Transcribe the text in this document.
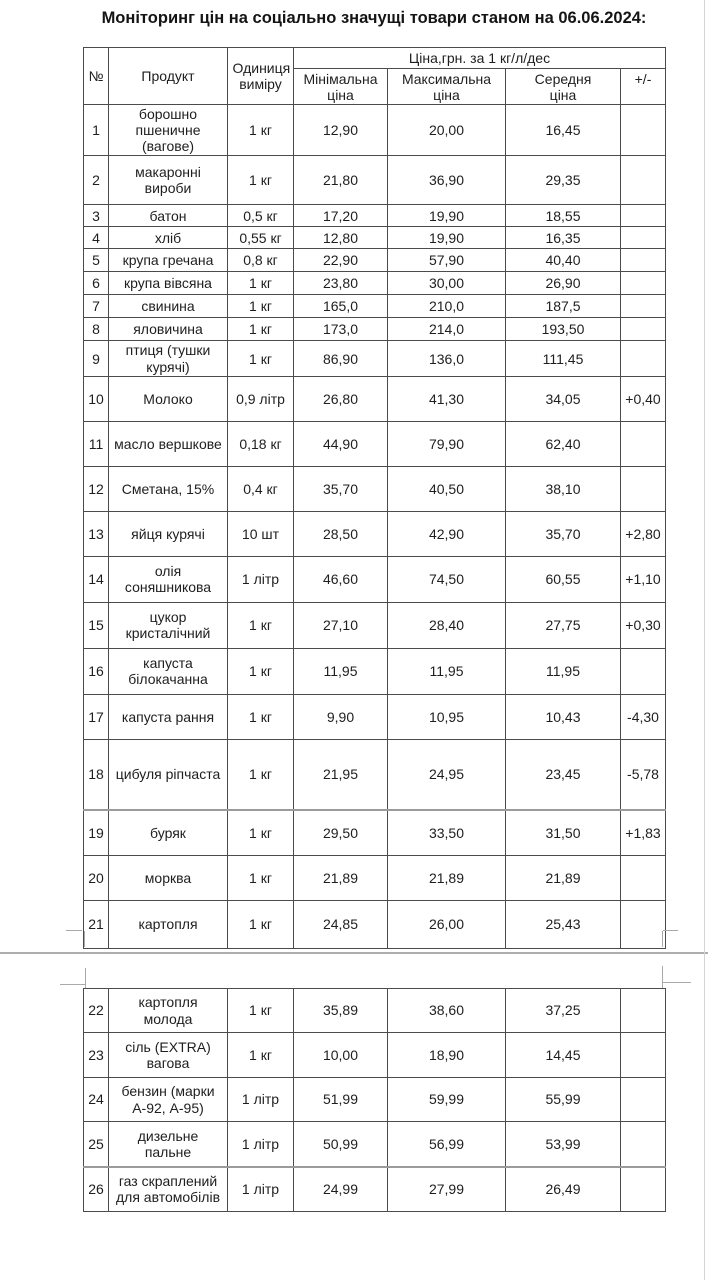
Моніторинг цін на соціально значущі товари станом на 06.06.2024:
№	Продукт	Одиниця виміру	Ціна,грн. за 1 кг/л/дес			
			Мінімальна ціна	Максимальна ціна	Середня ціна	+/-
1	борошно пшеничне (вагове)	1 кг	12,90	20,00	16,45	
2	макаронні вироби	1 кг	21,80	36,90	29,35	
3	батон	0,5 кг	17,20	19,90	18,55	
4	хліб	0,55 кг	12,80	19,90	16,35	
5	крупа гречана	0,8 кг	22,90	57,90	40,40	
6	крупа вівсяна	1 кг	23,80	30,00	26,90	
7	свинина	1 кг	165,0	210,0	187,5	
8	яловичина	1 кг	173,0	214,0	193,50	
9	птиця (тушки курячі)	1 кг	86,90	136,0	111,45	
10	Молоко	0,9 літр	26,80	41,30	34,05	+0,40
11	масло вершкове	0,18 кг	44,90	79,90	62,40	
12	Сметана, 15%	0,4 кг	35,70	40,50	38,10	
13	яйця курячі	10 шт	28,50	42,90	35,70	+2,80
14	олія соняшникова	1 літр	46,60	74,50	60,55	+1,10
15	цукор кристалічний	1 кг	27,10	28,40	27,75	+0,30
16	капуста білокачанна	1 кг	11,95	11,95	11,95	
17	капуста рання	1 кг	9,90	10,95	10,43	-4,30
18	цибуля ріпчаста	1 кг	21,95	24,95	23,45	-5,78
19	буряк	1 кг	29,50	33,50	31,50	+1,83
20	морква	1 кг	21,89	21,89	21,89	
21	картопля	1 кг	24,85	26,00	25,43	
22	картопля молода	1 кг	35,89	38,60	37,25	
23	сіль (EXTRA) вагова	1 кг	10,00	18,90	14,45	
24	бензин (марки А-92, А-95)	1 літр	51,99	59,99	55,99	
25	дизельне пальне	1 літр	50,99	56,99	53,99	
26	газ скраплений для автомобілів	1 літр	24,99	27,99	26,49	
